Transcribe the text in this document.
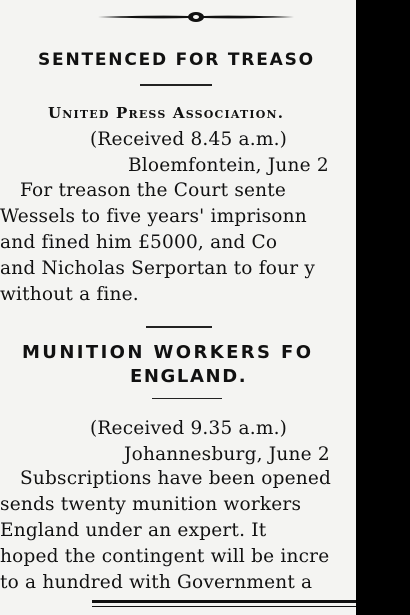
SENTENCED FOR TREASO
United Press Association.
(Received 8.45 a.m.)
Bloemfontein, June 2
For treason the Court sente
Wessels to five years' imprisonn
and fined him £5000, and Co
and Nicholas Serportan to four y
without a fine.
MUNITION WORKERS FO
ENGLAND.
(Received 9.35 a.m.)
Johannesburg, June 2
Subscriptions have been opened
sends twenty munition workers
England under an expert. It
hoped the contingent will be incre
to a hundred with Government a
